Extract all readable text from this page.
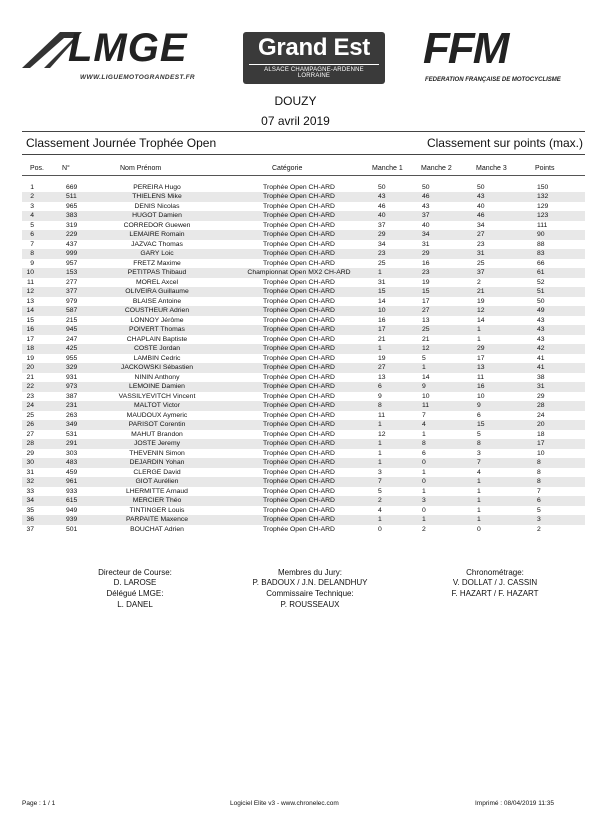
LMGE
WWW.LIGUEMOTOGRANDEST.FR
Grand Est
ALSACE CHAMPAGNE-ARDENNE LORRAINE
FFM
FEDERATION FRANÇAISE DE MOTOCYCLISME
DOUZY
07 avril 2019
Classement Journée Trophée Open	Classement sur points (max.)
Pos.	N°	Nom Prénom	Catégorie	Manche 1	Manche 2	Manche 3	Points
1	669	PEREIRA Hugo	Trophée Open CH-ARD	50	50	50	150
2	511	THIELENS Mike	Trophée Open CH-ARD	43	46	43	132
3	965	DENIS Nicolas	Trophée Open CH-ARD	46	43	40	129
4	383	HUGOT Damien	Trophée Open CH-ARD	40	37	46	123
5	319	CORREDOR Guewen	Trophée Open CH-ARD	37	40	34	111
6	229	LEMAIRE Romain	Trophée Open CH-ARD	29	34	27	90
7	437	JAZVAC Thomas	Trophée Open CH-ARD	34	31	23	88
8	999	GARY Loic	Trophée Open CH-ARD	23	29	31	83
9	957	FRETZ Maxime	Trophée Open CH-ARD	25	16	25	66
10	153	PETITPAS Thibaud	Championnat Open MX2 CH-ARD	1	23	37	61
11	277	MOREL Axcel	Trophée Open CH-ARD	31	19	2	52
12	377	OLIVEIRA Guillaume	Trophée Open CH-ARD	15	15	21	51
13	979	BLAISE Antoine	Trophée Open CH-ARD	14	17	19	50
14	587	COUSTHEUR Adrien	Trophée Open CH-ARD	10	27	12	49
15	215	LONNOY Jérôme	Trophée Open CH-ARD	16	13	14	43
16	945	POIVERT Thomas	Trophée Open CH-ARD	17	25	1	43
17	247	CHAPLAIN Baptiste	Trophée Open CH-ARD	21	21	1	43
18	425	COSTE Jordan	Trophée Open CH-ARD	1	12	29	42
19	955	LAMBIN Cedric	Trophée Open CH-ARD	19	5	17	41
20	329	JACKOWSKI Sébastien	Trophée Open CH-ARD	27	1	13	41
21	931	NININ Anthony	Trophée Open CH-ARD	13	14	11	38
22	973	LEMOINE Damien	Trophée Open CH-ARD	6	9	16	31
23	387	VASSILYEVITCH Vincent	Trophée Open CH-ARD	9	10	10	29
24	231	MALTOT Victor	Trophée Open CH-ARD	8	11	9	28
25	263	MAUDOUX Aymeric	Trophée Open CH-ARD	11	7	6	24
26	349	PARISOT Corentin	Trophée Open CH-ARD	1	4	15	20
27	531	MAHUT Brandon	Trophée Open CH-ARD	12	1	5	18
28	291	JOSTE Jeremy	Trophée Open CH-ARD	1	8	8	17
29	303	THEVENIN Simon	Trophée Open CH-ARD	1	6	3	10
30	483	DEJARDIN Yohan	Trophée Open CH-ARD	1	0	7	8
31	459	CLERGE David	Trophée Open CH-ARD	3	1	4	8
32	961	GIOT Aurélien	Trophée Open CH-ARD	7	0	1	8
33	933	LHERMITTE Arnaud	Trophée Open CH-ARD	5	1	1	7
34	615	MERCIER Théo	Trophée Open CH-ARD	2	3	1	6
35	949	TINTINGER Louis	Trophée Open CH-ARD	4	0	1	5
36	939	PARPAITE Maxence	Trophée Open CH-ARD	1	1	1	3
37	501	BOUCHAT Adrien	Trophée Open CH-ARD	0	2	0	2
Directeur de Course:
D. LAROSE
Délégué LMGE:
L. DANEL
Membres du Jury:
P. BADOUX / J.N. DELANDHUY
Commissaire Technique:
P. ROUSSEAUX
Chronométrage:
V. DOLLAT / J. CASSIN
F. HAZART / F. HAZART
Page : 1 / 1	Logiciel Elite v3 - www.chronelec.com	Imprimé : 08/04/2019 11:35
